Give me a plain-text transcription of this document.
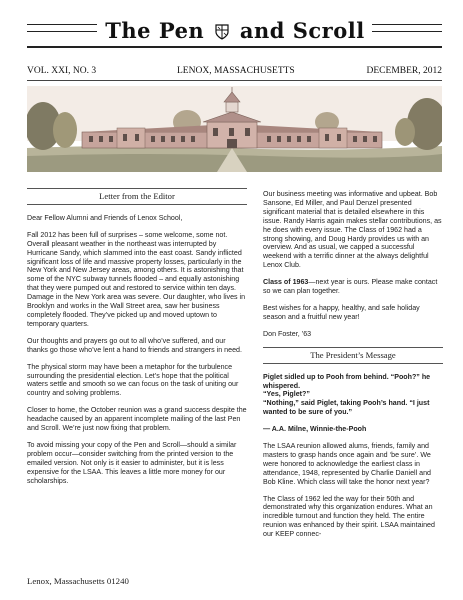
The Pen and Scroll
VOL. XXI, NO. 3	LENOX, MASSACHUSETTS	DECEMBER, 2012
Letter from the Editor

Dear Fellow Alumni and Friends of Lenox School,

Fall 2012 has been full of surprises – some welcome, some not. Overall pleasant weather in the northeast was interrupted by Hurricane Sandy, which slammed into the east coast. Sandy inflicted significant loss of life and massive property losses, particularly in the New York and New Jersey areas, among others. It is astonishing that some of the NYC subway tunnels flooded – and equally astonishing that they were pumped out and restored to service within ten days. Damage in the New York area was severe. Our daughter, who lives in Brooklyn and works in the Wall Street area, saw her business completely flooded. They’ve picked up and moved uptown to temporary quarters.

Our thoughts and prayers go out to all who’ve suffered, and our thanks go those who’ve lent a hand to friends and strangers in need.

The physical storm may have been a metaphor for the turbulence surrounding the presidential election. Let’s hope that the political waters settle and smooth so we can focus on the task of uniting our country and solving problems.

Closer to home, the October reunion was a grand success despite the headache caused by an apparent incomplete mailing of the last Pen and Scroll. We’re just now fixing that problem.

To avoid missing your copy of the Pen and Scroll—should a similar problem occur—consider switching from the printed version to the emailed version. Not only is it easier to administer, but it is less expensive for the LSAA. This leaves a little more money for our scholarships.

Our business meeting was informative and upbeat. Bob Sansone, Ed Miller, and Paul Denzel presented significant material that is detailed elsewhere in this issue. Randy Harris again makes stellar contributions, as he does with every issue. The Class of 1962 had a strong showing, and Doug Hardy provides us with an overview. And as usual, we capped a successful weekend with a terrific dinner at the always delightful Lenox Club.

Class of 1963—next year is ours. Please make contact so we can plan together.

Best wishes for a happy, healthy, and safe holiday season and a fruitful new year!

Don Foster, ’63

The President’s Message

Piglet sidled up to Pooh from behind. “Pooh?” he whispered.

“Yes, Piglet?”

“Nothing,” said Piglet, taking Pooh’s hand. “I just wanted to be sure of you.”

— A.A. Milne, Winnie-the-Pooh

The LSAA reunion allowed alums, friends, family and masters to grasp hands once again and ‘be sure’. We were honored to acknowledge the earliest class in attendance, 1948, represented by Charlie Daniell and Bob Kline. Which class will take the honor next year?

The Class of 1962 led the way for their 50th and demonstrated why this organization endures. What an incredible turnout and function they held. The entire reunion was enhanced by their spirit. LSAA maintained our KEEP connec-

Lenox, Massachusetts 01240
